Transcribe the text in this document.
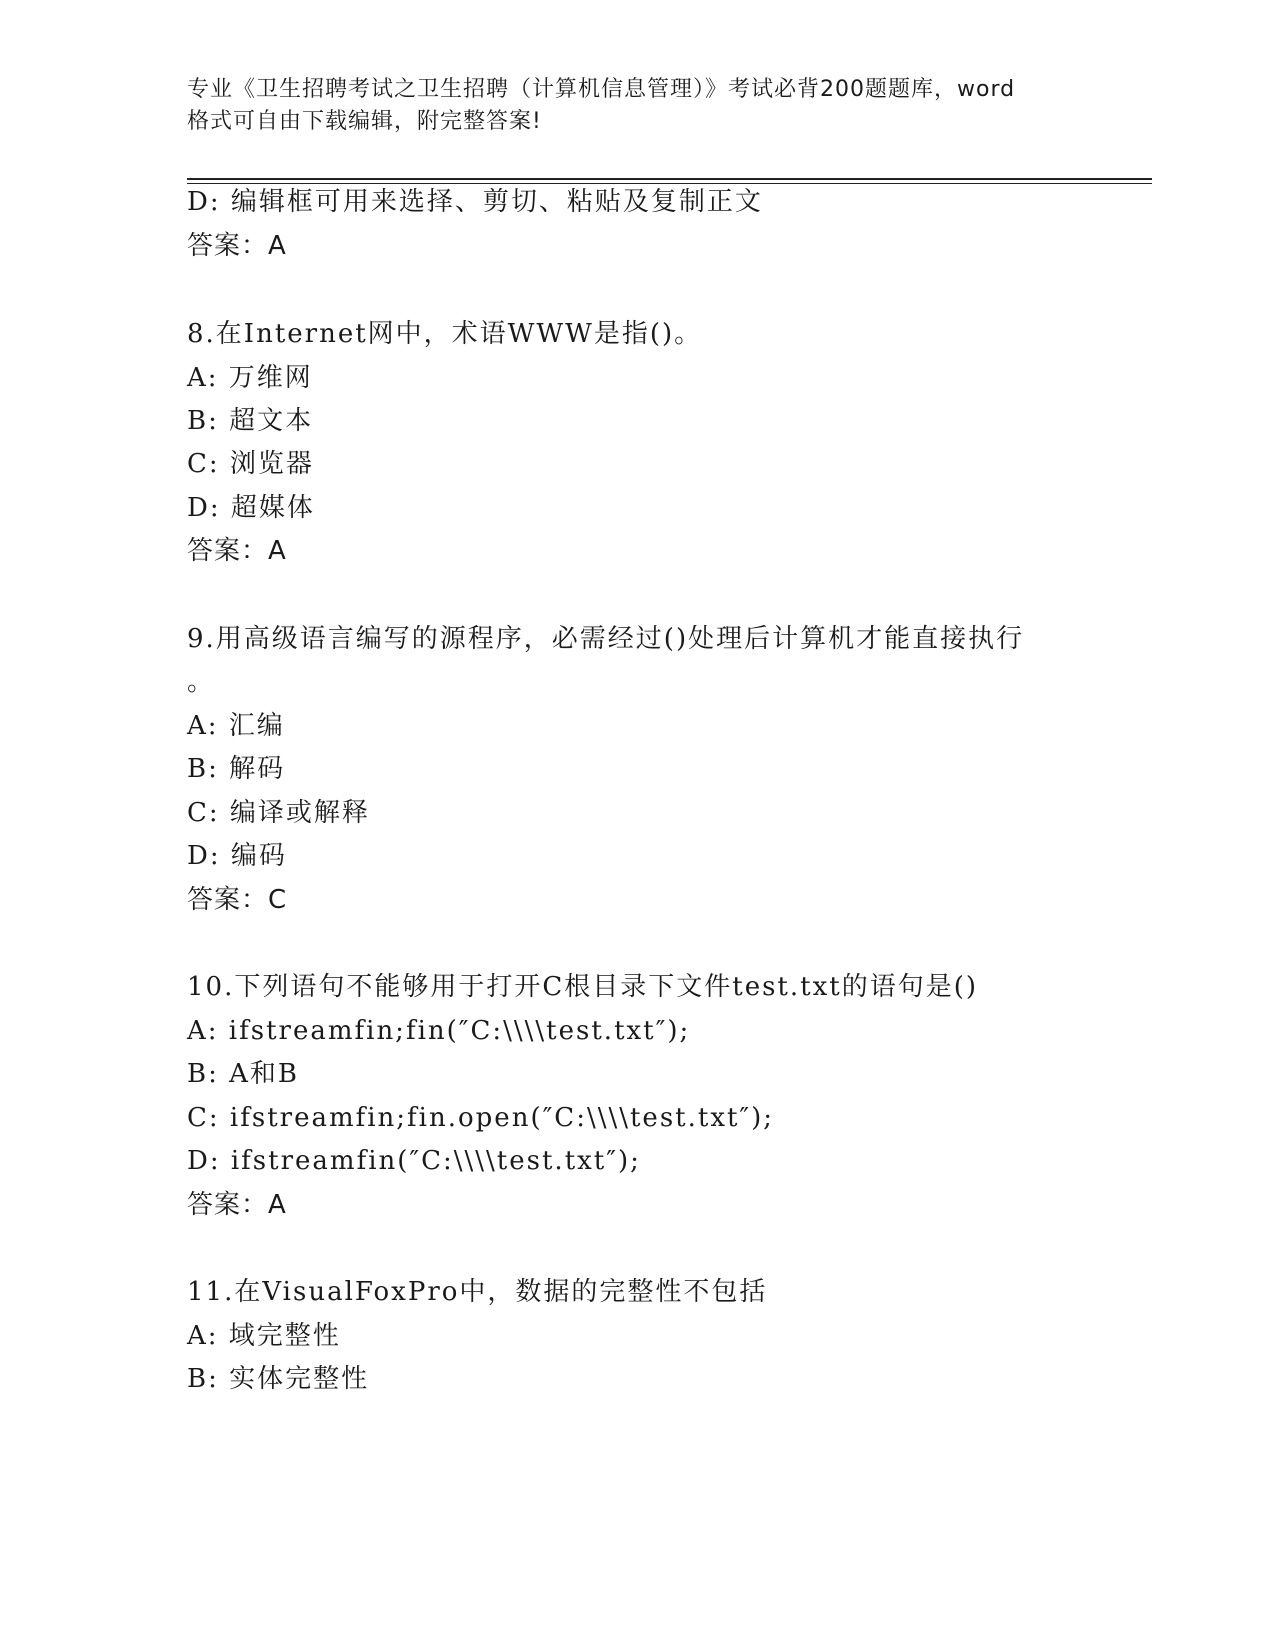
专业《卫生招聘考试之卫生招聘（计算机信息管理）》考试必背200题题库，word
格式可自由下载编辑，附完整答案!
D: 编辑框可用来选择、剪切、粘贴及复制正文
答案：A
8.在Internet网中，术语WWW是指()。
A: 万维网
B: 超文本
C: 浏览器
D: 超媒体
答案：A
9.用高级语言编写的源程序，必需经过()处理后计算机才能直接执行
。
A: 汇编
B: 解码
C: 编译或解释
D: 编码
答案：C
10.下列语句不能够用于打开C根目录下文件test.txt的语句是()
A: ifstreamfin;fin(″C:\\\\test.txt″);
B: A和B
C: ifstreamfin;fin.open(″C:\\\\test.txt″);
D: ifstreamfin(″C:\\\\test.txt″);
答案：A
11.在VisualFoxPro中，数据的完整性不包括
A: 域完整性
B: 实体完整性
